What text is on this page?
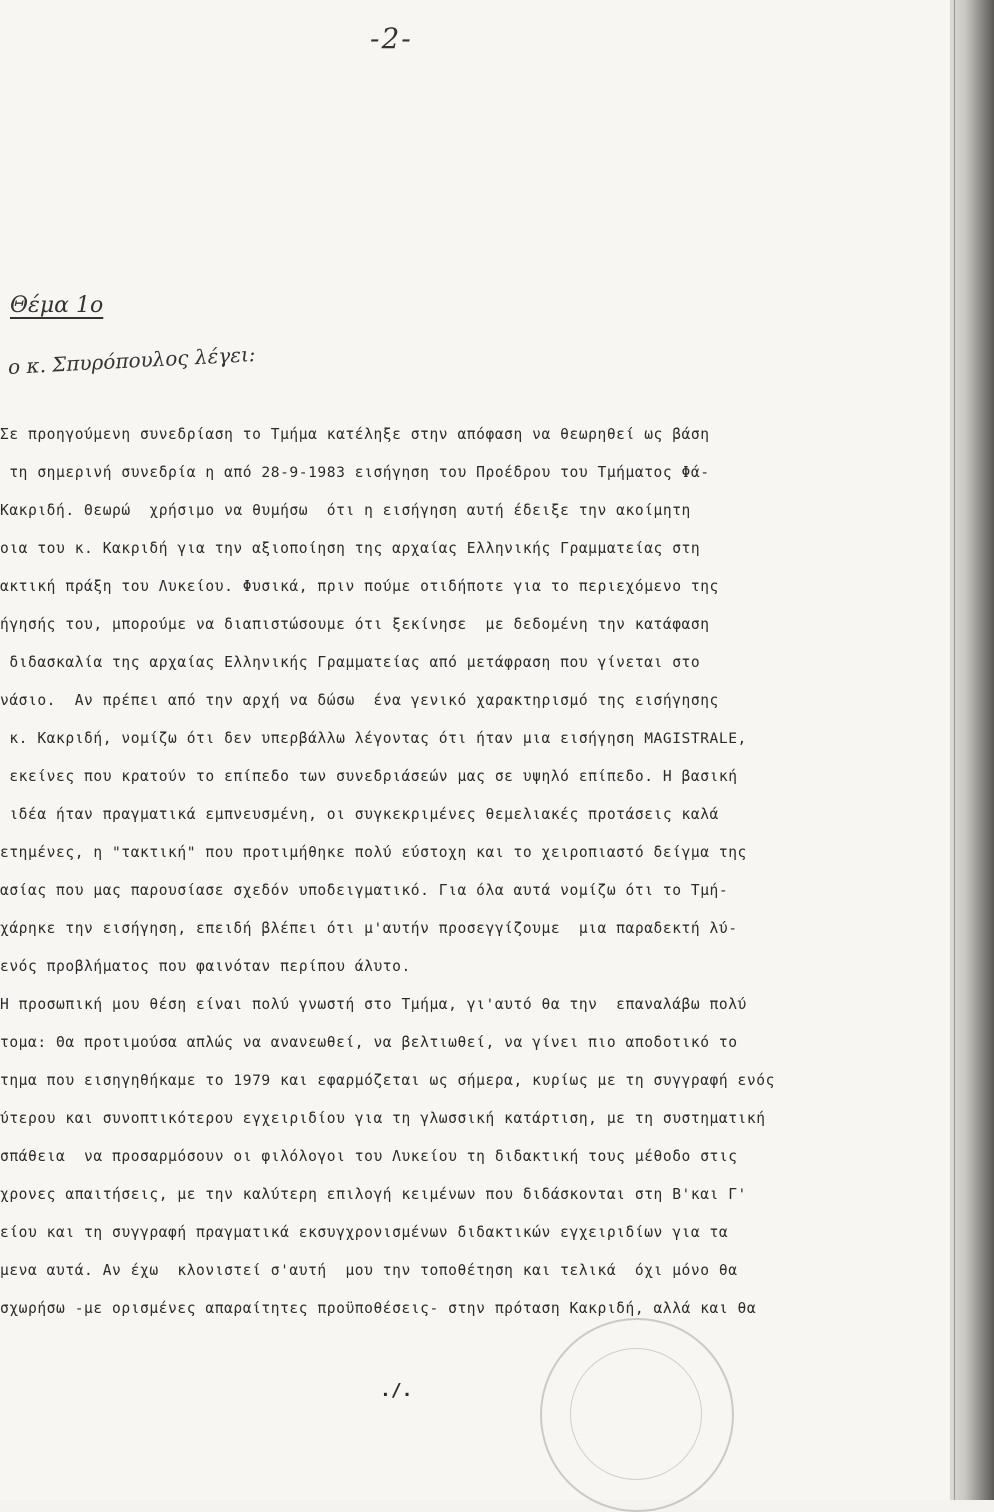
-2-
Θέμα 1ο
ο κ. Σπυρόπουλος λέγει:
Σε προηγούμενη συνεδρίαση το Τμήμα κατέληξε στην απόφαση να θεωρηθεί ως βάση
τη σημερινή συνεδρία η από 28-9-1983 εισήγηση του Προέδρου του Τμήματος Φά-
Κακριδή. Θεωρώ  χρήσιμο να θυμήσω  ότι η εισήγηση αυτή έδειξε την ακοίμητη
οια του κ. Κακριδή για την αξιοποίηση της αρχαίας Ελληνικής Γραμματείας στη
ακτική πράξη του Λυκείου. Φυσικά, πριν πούμε οτιδήποτε για το περιεχόμενο της
ήγησής του, μπορούμε να διαπιστώσουμε ότι ξεκίνησε  με δεδομένη την κατάφαση
διδασκαλία της αρχαίας Ελληνικής Γραμματείας από μετάφραση που γίνεται στο
νάσιο.  Αν πρέπει από την αρχή να δώσω  ένα γενικό χαρακτηρισμό της εισήγησης
κ. Κακριδή, νομίζω ότι δεν υπερβάλλω λέγοντας ότι ήταν μια εισήγηση MAGISTRALE,
εκείνες που κρατούν το επίπεδο των συνεδριάσεών μας σε υψηλό επίπεδο. Η βασική
ιδέα ήταν πραγματικά εμπνευσμένη, οι συγκεκριμένες θεμελιακές προτάσεις καλά
ετημένες, η "τακτική" που προτιμήθηκε πολύ εύστοχη και το χειροπιαστό δείγμα της
ασίας που μας παρουσίασε σχεδόν υποδειγματικό. Για όλα αυτά νομίζω ότι το Τμή-
χάρηκε την εισήγηση, επειδή βλέπει ότι μ'αυτήν προσεγγίζουμε  μια παραδεκτή λύ-
ενός προβλήματος που φαινόταν περίπου άλυτο.
Η προσωπική μου θέση είναι πολύ γνωστή στο Τμήμα, γι'αυτό θα την  επαναλάβω πολύ
τομα: Θα προτιμούσα απλώς να ανανεωθεί, να βελτιωθεί, να γίνει πιο αποδοτικό το
τημα που εισηγηθήκαμε το 1979 και εφαρμόζεται ως σήμερα, κυρίως με τη συγγραφή ενός
ύτερου και συνοπτικότερου εγχειριδίου για τη γλωσσική κατάρτιση, με τη συστηματική
σπάθεια  να προσαρμόσουν οι φιλόλογοι του Λυκείου τη διδακτική τους μέθοδο στις
χρονες απαιτήσεις, με την καλύτερη επιλογή κειμένων που διδάσκονται στη Β'και Γ'
είου και τη συγγραφή πραγματικά εκσυγχρονισμένων διδακτικών εγχειριδίων για τα
μενα αυτά. Αν έχω  κλονιστεί σ'αυτή  μου την τοποθέτηση και τελικά  όχι μόνο θα
σχωρήσω -με ορισμένες απαραίτητες προϋποθέσεις- στην πρόταση Κακριδή, αλλά και θα
./.
